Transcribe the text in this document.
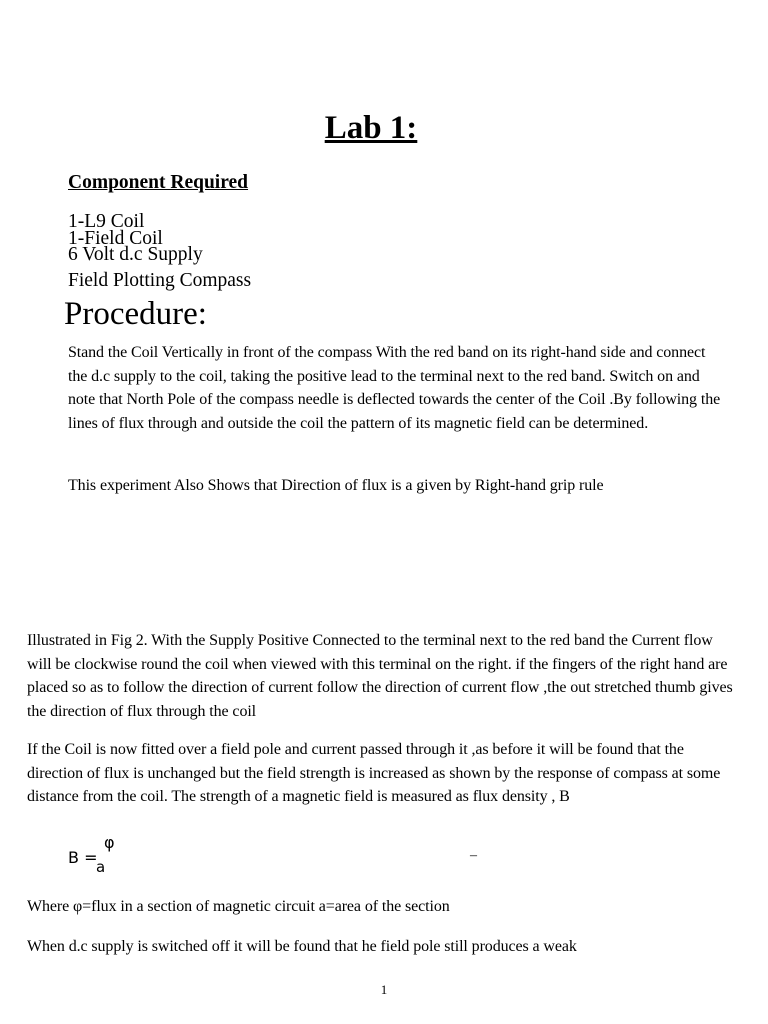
Lab 1:
Component Required
1-L9 Coil
1-Field Coil
6 Volt d.c Supply
Field Plotting Compass
Procedure:

Stand the Coil Vertically in front of the compass With the red band on its right-hand side and connect the d.c supply to the coil, taking the positive lead to the terminal next to the red band. Switch on and note that North Pole of the compass needle is deflected towards the center of the Coil .By following the lines of flux through and outside the coil the pattern of its magnetic field can be determined.

This experiment Also Shows that Direction of flux is a given by Right-hand grip rule

Illustrated in Fig 2. With the Supply Positive Connected to the terminal next to the red band the Current flow will be clockwise round the coil when viewed with this terminal on the right. if the fingers of the right hand are placed so as to follow the direction of current follow the direction of current flow ,the out stretched thumb gives the direction of flux through the coil

If the Coil is now fitted over a field pole and current passed through it ,as before it will be found that the direction of flux is unchanged but the field strength is increased as shown by the response of compass at some distance from the coil. The strength of a magnetic field is measured as flux density , B

B =
φ
a
–

Where φ=flux in a section of magnetic circuit a=area of the section

When d.c supply is switched off it will be found that he field pole still produces a weak

1
